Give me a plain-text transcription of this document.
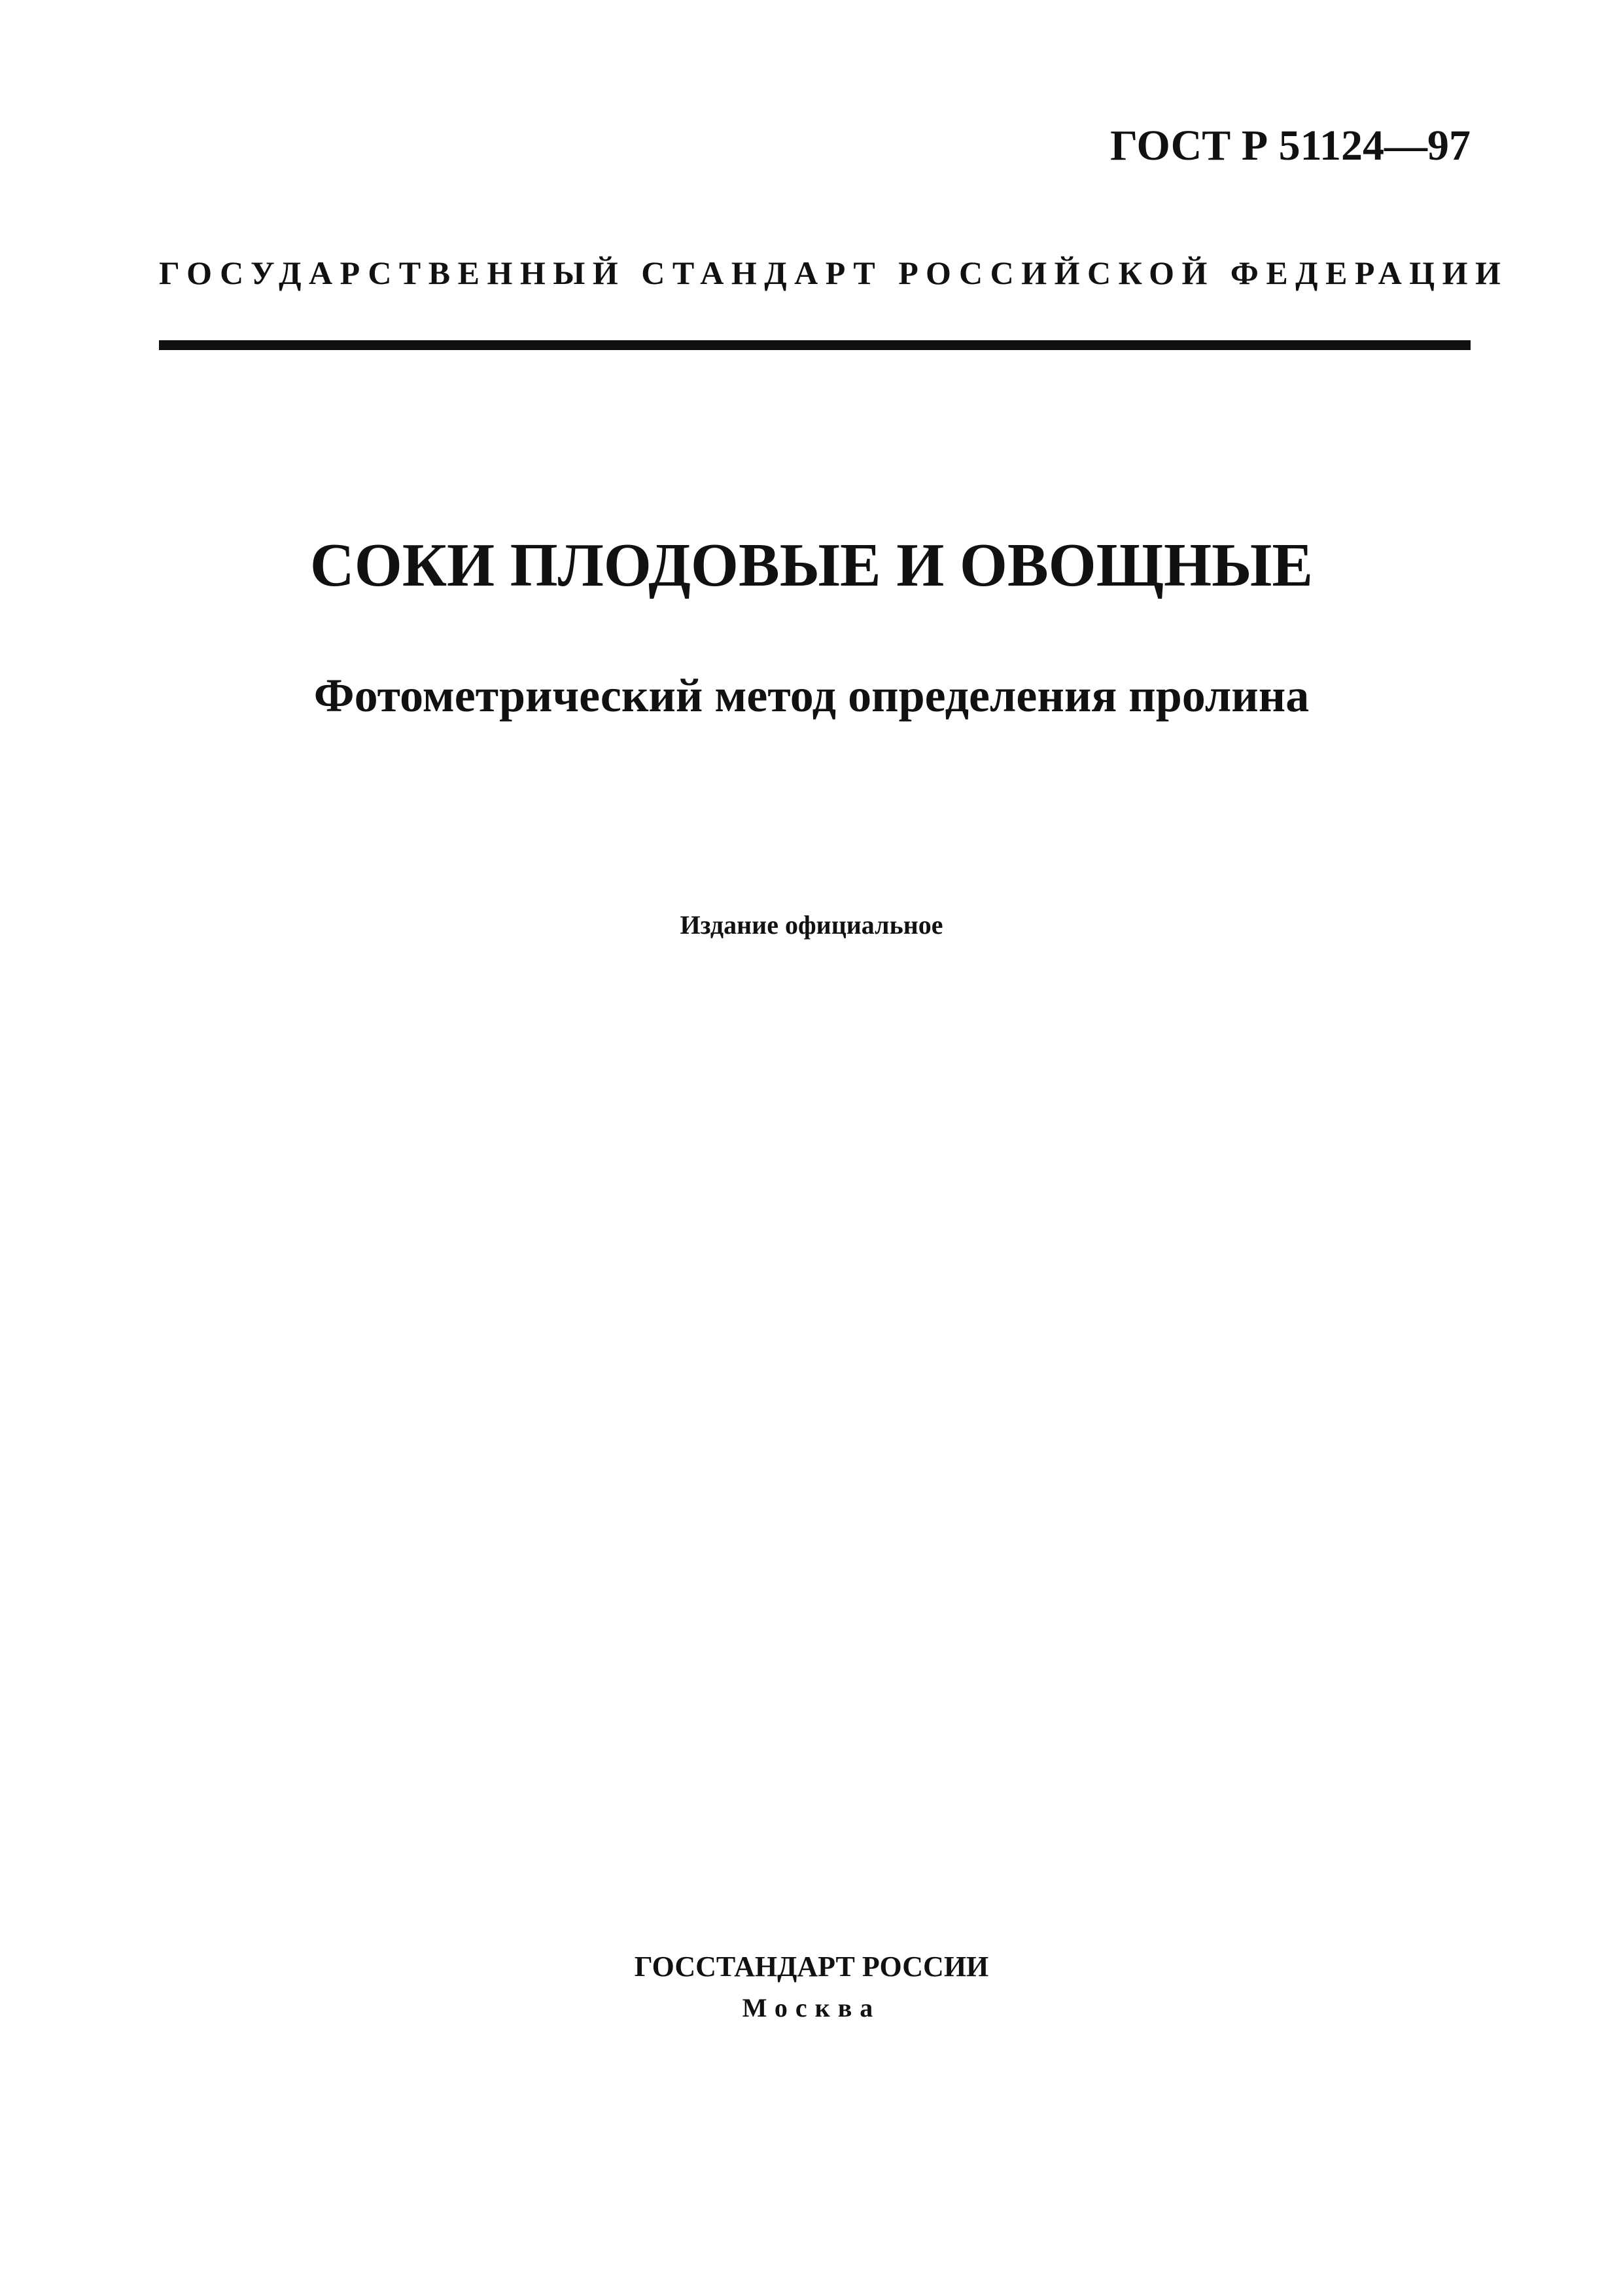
ГОСТ Р 51124—97
ГОСУДАРСТВЕННЫЙ СТАНДАРТ РОССИЙСКОЙ ФЕДЕРАЦИИ
СОКИ ПЛОДОВЫЕ И ОВОЩНЫЕ
Фотометрический метод определения пролина
Издание официальное
ГОССТАНДАРТ РОССИИ
Москва
